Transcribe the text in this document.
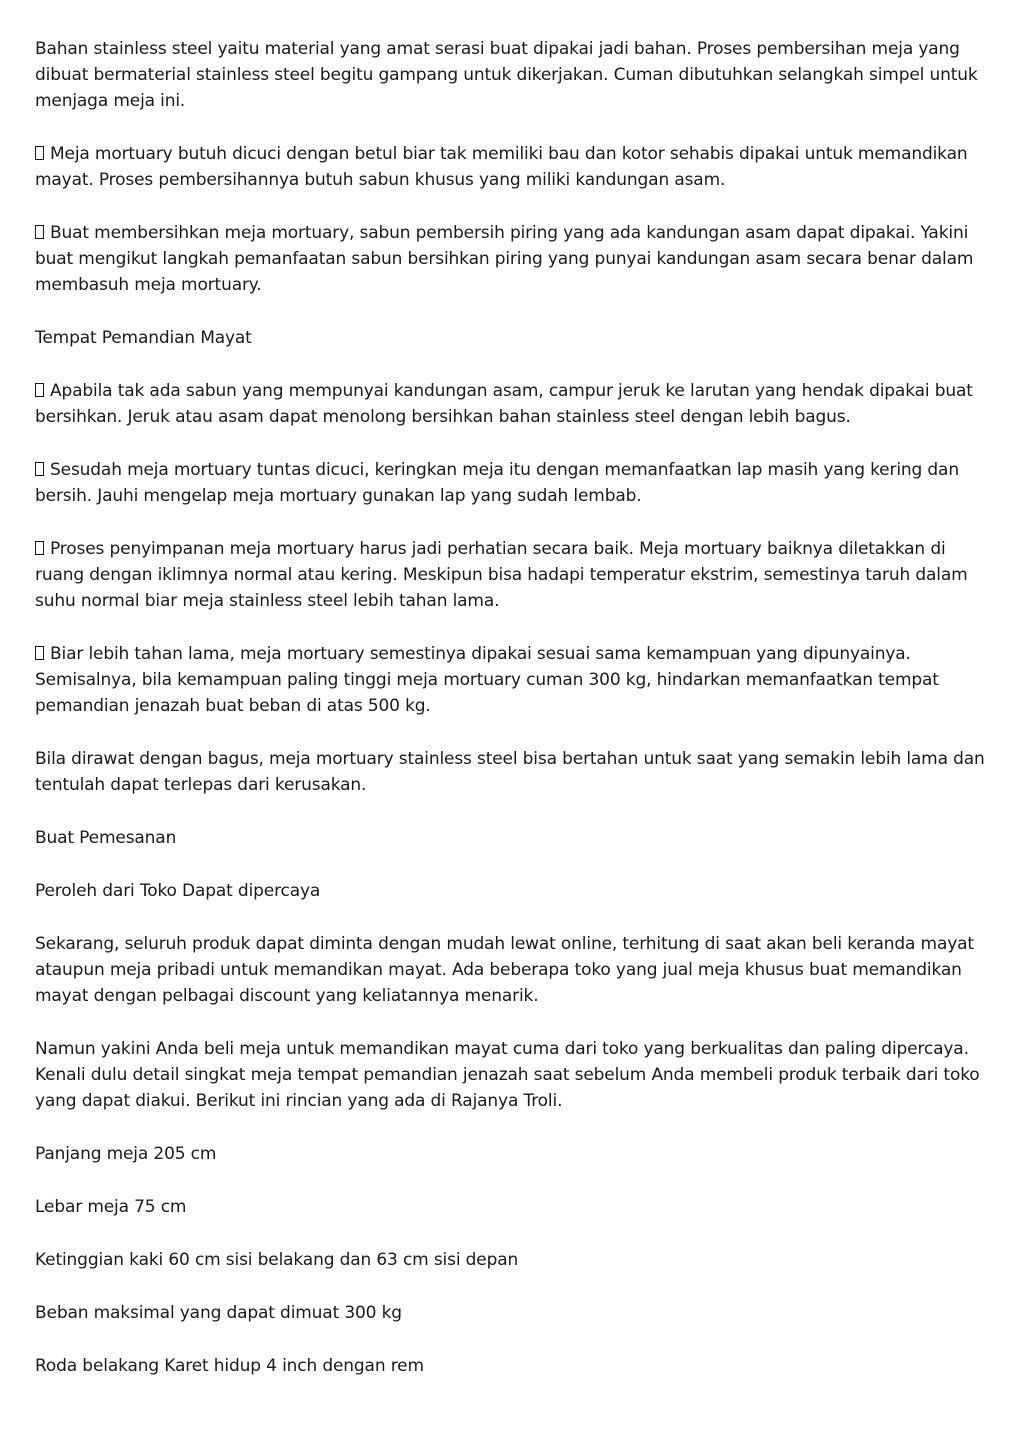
Bahan stainless steel yaitu material yang amat serasi buat dipakai jadi bahan. Proses pembersihan meja yang dibuat bermaterial stainless steel begitu gampang untuk dikerjakan. Cuman dibutuhkan selangkah simpel untuk menjaga meja ini.

Meja mortuary butuh dicuci dengan betul biar tak memiliki bau dan kotor sehabis dipakai untuk memandikan mayat. Proses pembersihannya butuh sabun khusus yang miliki kandungan asam.

Buat membersihkan meja mortuary, sabun pembersih piring yang ada kandungan asam dapat dipakai. Yakini buat mengikut langkah pemanfaatan sabun bersihkan piring yang punyai kandungan asam secara benar dalam membasuh meja mortuary.

Tempat Pemandian Mayat

Apabila tak ada sabun yang mempunyai kandungan asam, campur jeruk ke larutan yang hendak dipakai buat bersihkan. Jeruk atau asam dapat menolong bersihkan bahan stainless steel dengan lebih bagus.

Sesudah meja mortuary tuntas dicuci, keringkan meja itu dengan memanfaatkan lap masih yang kering dan bersih. Jauhi mengelap meja mortuary gunakan lap yang sudah lembab.

Proses penyimpanan meja mortuary harus jadi perhatian secara baik. Meja mortuary baiknya diletakkan di ruang dengan iklimnya normal atau kering. Meskipun bisa hadapi temperatur ekstrim, semestinya taruh dalam suhu normal biar meja stainless steel lebih tahan lama.

Biar lebih tahan lama, meja mortuary semestinya dipakai sesuai sama kemampuan yang dipunyainya. Semisalnya, bila kemampuan paling tinggi meja mortuary cuman 300 kg, hindarkan memanfaatkan tempat pemandian jenazah buat beban di atas 500 kg.

Bila dirawat dengan bagus, meja mortuary stainless steel bisa bertahan untuk saat yang semakin lebih lama dan tentulah dapat terlepas dari kerusakan.

Buat Pemesanan

Peroleh dari Toko Dapat dipercaya

Sekarang, seluruh produk dapat diminta dengan mudah lewat online, terhitung di saat akan beli keranda mayat ataupun meja pribadi untuk memandikan mayat. Ada beberapa toko yang jual meja khusus buat memandikan mayat dengan pelbagai discount yang keliatannya menarik.

Namun yakini Anda beli meja untuk memandikan mayat cuma dari toko yang berkualitas dan paling dipercaya. Kenali dulu detail singkat meja tempat pemandian jenazah saat sebelum Anda membeli produk terbaik dari toko yang dapat diakui. Berikut ini rincian yang ada di Rajanya Troli.

Panjang meja 205 cm

Lebar meja 75 cm

Ketinggian kaki 60 cm sisi belakang dan 63 cm sisi depan

Beban maksimal yang dapat dimuat 300 kg

Roda belakang Karet hidup 4 inch dengan rem
